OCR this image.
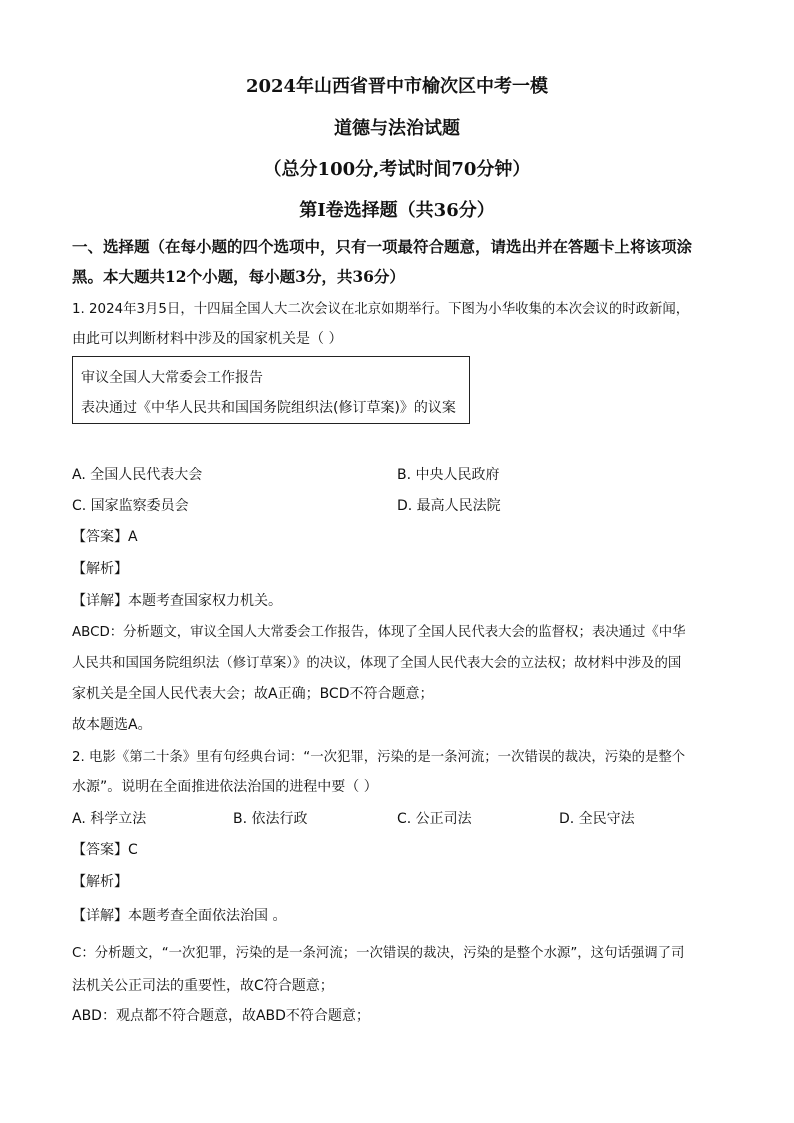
2024年山西省晋中市榆次区中考一模
道德与法治试题
（总分100分,考试时间70分钟）
第Ⅰ卷选择题（共36分）
一、选择题（在每小题的四个选项中，只有一项最符合题意，请选出并在答题卡上将该项涂
黑。本大题共12个小题，每小题3分，共36分）
1. 2024年3月5日，十四届全国人大二次会议在北京如期举行。下图为小华收集的本次会议的时政新闻，
由此可以判断材料中涉及的国家机关是（ ）
审议全国人大常委会工作报告
表决通过《中华人民共和国国务院组织法(修订草案)》的议案
A. 全国人民代表大会	B. 中央人民政府
C. 国家监察委员会	D. 最高人民法院
【答案】A
【解析】
【详解】本题考查国家权力机关。
ABCD：分析题文，审议全国人大常委会工作报告，体现了全国人民代表大会的监督权；表决通过《中华
人民共和国国务院组织法（修订草案）》的决议，体现了全国人民代表大会的立法权；故材料中涉及的国
家机关是全国人民代表大会；故A正确；BCD不符合题意；
故本题选A。
2. 电影《第二十条》里有句经典台词：“一次犯罪，污染的是一条河流；一次错误的裁决，污染的是整个
水源”。说明在全面推进依法治国的进程中要（ ）
A. 科学立法	B. 依法行政	C. 公正司法	D. 全民守法
【答案】C
【解析】
【详解】本题考查全面依法治国 。
C：分析题文，“一次犯罪，污染的是一条河流；一次错误的裁决，污染的是整个水源”，这句话强调了司
法机关公正司法的重要性，故C符合题意；
ABD：观点都不符合题意，故ABD不符合题意；
